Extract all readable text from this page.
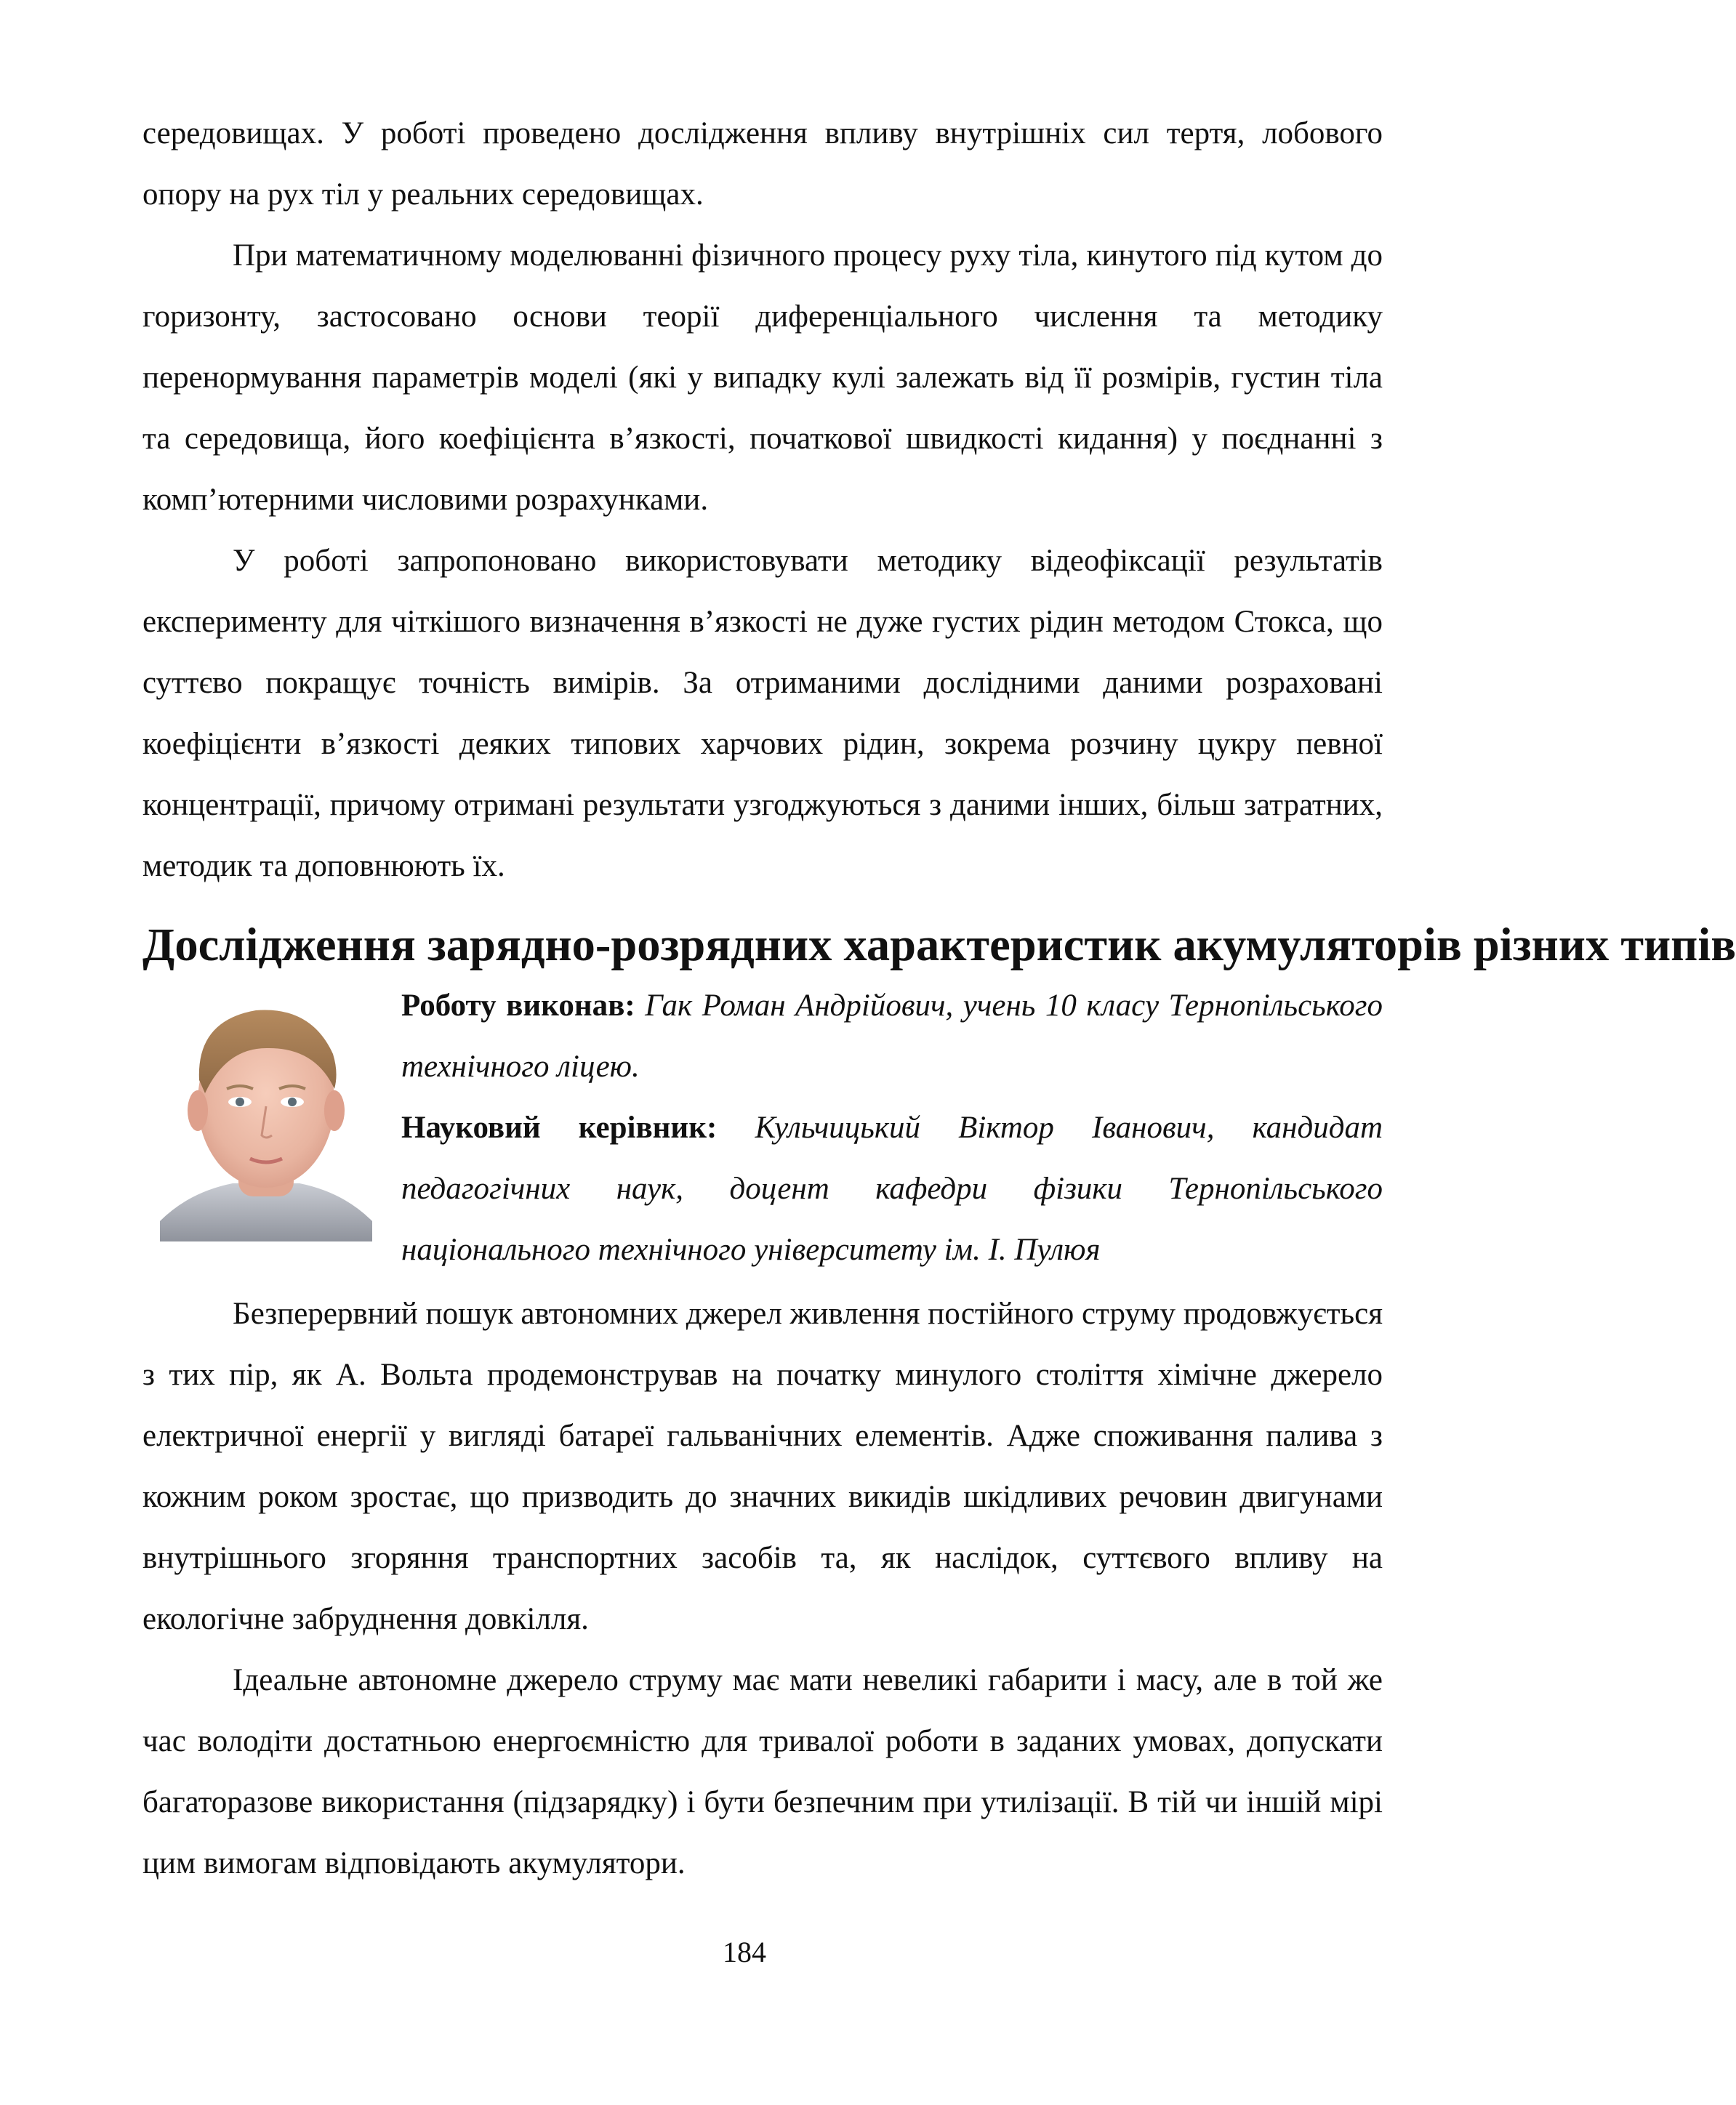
середовищах. У роботі проведено дослідження впливу внутрішніх сил тертя, лобового опору на рух тіл у реальних середовищах.

При математичному моделюванні фізичного процесу руху тіла, кинутого під кутом до горизонту, застосовано основи теорії диференціального числення та методику перенормування параметрів моделі (які у випадку кулі залежать від її розмірів, густин тіла та середовища, його коефіцієнта в’язкості, початкової швидкості кидання) у поєднанні з комп’ютерними числовими розрахунками.

У роботі запропоновано використовувати методику відеофіксації результатів експерименту для чіткішого визначення в’язкості не дуже густих рідин методом Стокса, що суттєво покращує точність вимірів. За отриманими дослідними даними розраховані коефіцієнти в’язкості деяких типових харчових рідин, зокрема розчину цукру певної концентрації, причому отримані результати узгоджуються з даними інших, більш затратних, методик та доповнюють їх.

Дослідження зарядно-розрядних характеристик акумуляторів різних типів

Роботу виконав: Гак Роман Андрійович, учень 10 класу Тернопільського технічного ліцею.

Науковий керівник: Кульчицький Віктор Іванович, кандидат педагогічних наук, доцент кафедри фізики Тернопільського національного технічного університету ім. І. Пулюя

Безперервний пошук автономних джерел живлення постійного струму продовжується з тих пір, як А. Вольта продемонстрував на початку минулого століття хімічне джерело електричної енергії у вигляді батареї гальванічних елементів. Адже споживання палива з кожним роком зростає, що призводить до значних викидів шкідливих речовин двигунами внутрішнього згоряння транспортних засобів та, як наслідок, суттєвого впливу на екологічне забруднення довкілля.

Ідеальне автономне джерело струму має мати невеликі габарити і масу, але в той же час володіти достатньою енергоємністю для тривалої роботи в заданих умовах, допускати багаторазове використання (підзарядку) і бути безпечним при утилізації. В тій чи іншій мірі цим вимогам відповідають акумулятори.

184
